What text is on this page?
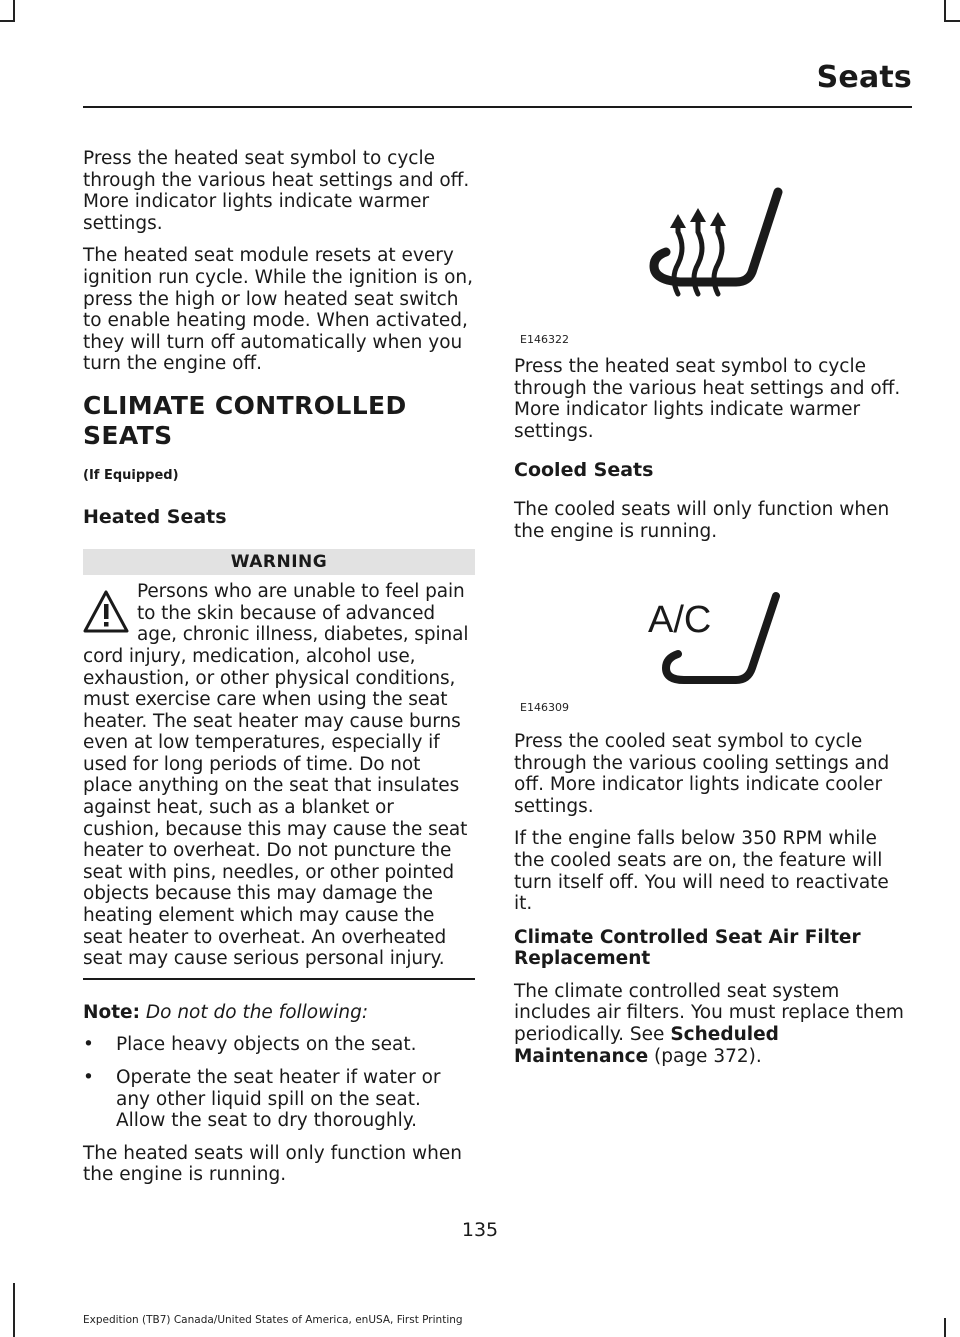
Seats

Press the heated seat symbol to cycle through the various heat settings and off. More indicator lights indicate warmer settings.

The heated seat module resets at every ignition run cycle. While the ignition is on, press the high or low heated seat switch to enable heating mode. When activated, they will turn off automatically when you turn the engine off.

CLIMATE CONTROLLED SEATS
(If Equipped)
Heated Seats
WARNING
Persons who are unable to feel pain to the skin because of advanced age, chronic illness, diabetes, spinal cord injury, medication, alcohol use, exhaustion, or other physical conditions, must exercise care when using the seat heater. The seat heater may cause burns even at low temperatures, especially if used for long periods of time. Do not place anything on the seat that insulates against heat, such as a blanket or cushion, because this may cause the seat heater to overheat. Do not puncture the seat with pins, needles, or other pointed objects because this may damage the heating element which may cause the seat heater to overheat. An overheated seat may cause serious personal injury.

Note: Do not do the following:

• Place heavy objects on the seat.
• Operate the seat heater if water or any other liquid spill on the seat. Allow the seat to dry thoroughly.

The heated seats will only function when the engine is running.

E146322
A/C
E146309

Press the heated seat symbol to cycle through the various heat settings and off. More indicator lights indicate warmer settings.

Cooled Seats

The cooled seats will only function when the engine is running.

Press the cooled seat symbol to cycle through the various cooling settings and off. More indicator lights indicate cooler settings.

If the engine falls below 350 RPM while the cooled seats are on, the feature will turn itself off. You will need to reactivate it.

Climate Controlled Seat Air Filter Replacement

The climate controlled seat system includes air filters. You must replace them periodically. See Scheduled Maintenance (page 372).

135
Expedition (TB7) Canada/United States of America, enUSA, First Printing
